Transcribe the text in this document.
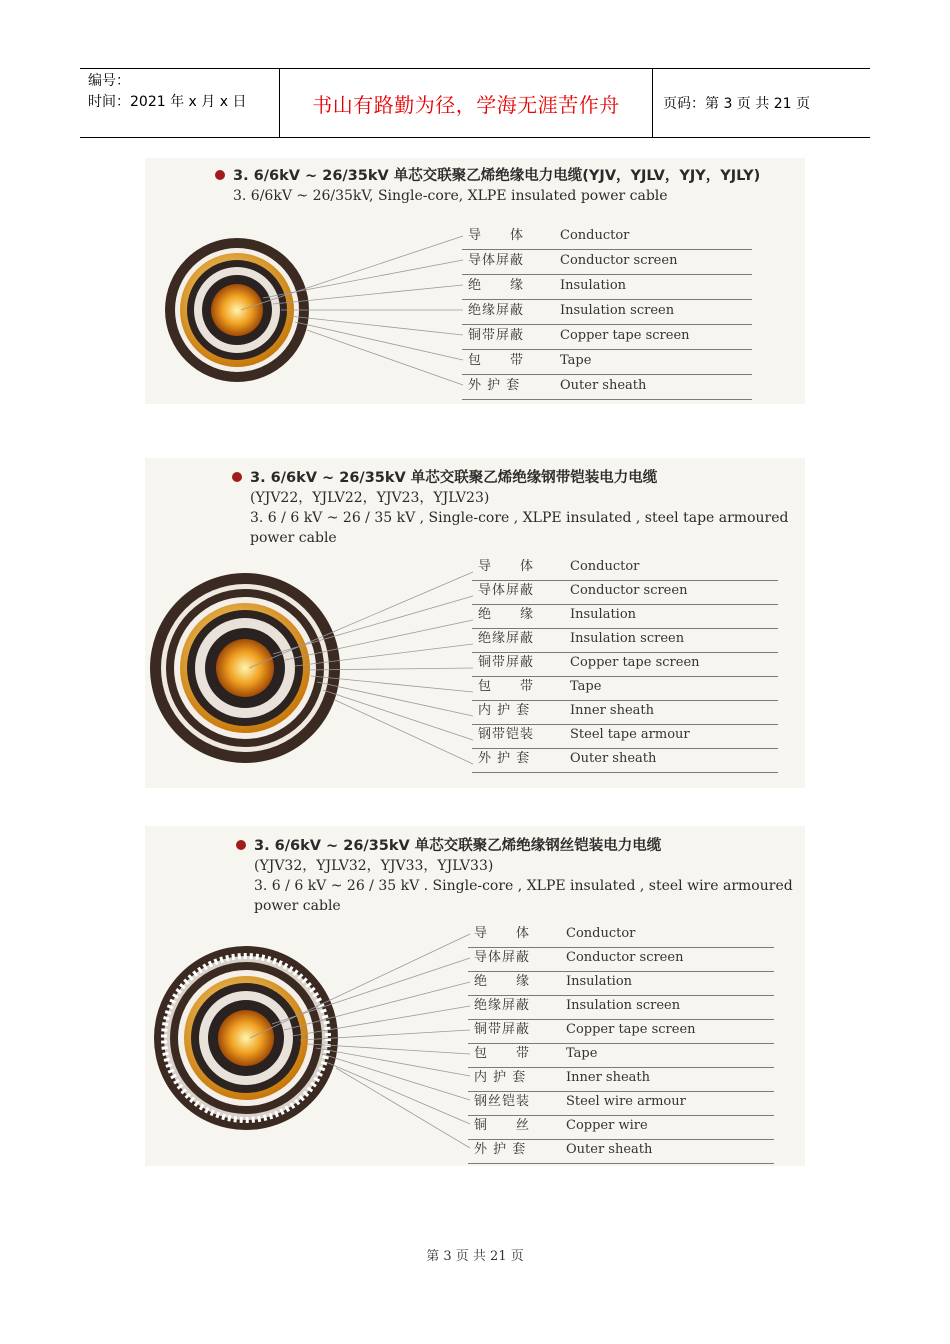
编号：
时间：2021 年 x 月 x 日	书山有路勤为径，学海无涯苦作舟	页码：第 3 页 共 21 页
3. 6/6kV ~ 26/35kV 单芯交联聚乙烯绝缘电力电缆(YJV，YJLV，YJY，YJLY)
3. 6/6kV ~ 26/35kV, Single-core, XLPE insulated power cable
导　　体	Conductor
导体屏蔽	Conductor screen
绝　　缘	Insulation
绝缘屏蔽	Insulation screen
铜带屏蔽	Copper tape screen
包　　带	Tape
外 护 套	Outer sheath
3. 6/6kV ~ 26/35kV 单芯交联聚乙烯绝缘钢带铠装电力电缆
(YJV22，YJLV22，YJV23，YJLV23)
3. 6 / 6 kV ~ 26 / 35 kV , Single-core , XLPE insulated , steel tape armoured
power cable
导　　体	Conductor
导体屏蔽	Conductor screen
绝　　缘	Insulation
绝缘屏蔽	Insulation screen
铜带屏蔽	Copper tape screen
包　　带	Tape
内 护 套	Inner sheath
钢带铠装	Steel tape armour
外 护 套	Outer sheath
3. 6/6kV ~ 26/35kV 单芯交联聚乙烯绝缘钢丝铠装电力电缆
(YJV32，YJLV32，YJV33，YJLV33)
3. 6 / 6 kV ~ 26 / 35 kV . Single-core , XLPE insulated , steel wire armoured
power cable
导　　体	Conductor
导体屏蔽	Conductor screen
绝　　缘	Insulation
绝缘屏蔽	Insulation screen
铜带屏蔽	Copper tape screen
包　　带	Tape
内 护 套	Inner sheath
钢丝铠装	Steel wire armour
铜　　丝	Copper wire
外 护 套	Outer sheath
第 3 页 共 21 页
